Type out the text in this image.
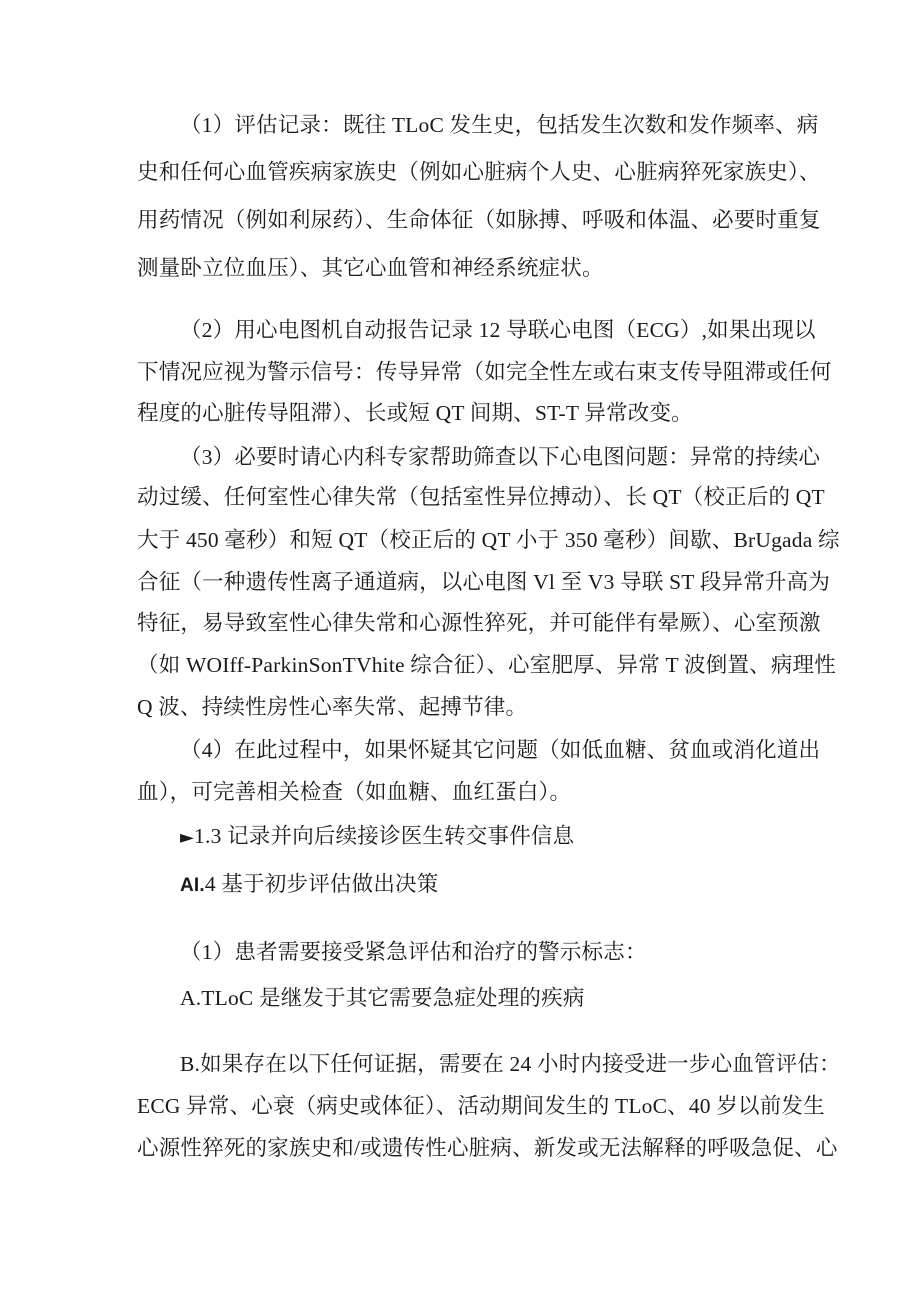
（1）评估记录：既往 TLoC 发生史，包括发生次数和发作频率、病
史和任何心血管疾病家族史（例如心脏病个人史、心脏病猝死家族史）、
用药情况（例如利尿药）、生命体征（如脉搏、呼吸和体温、必要时重复
测量卧立位血压）、其它心血管和神经系统症状。
（2）用心电图机自动报告记录 12 导联心电图（ECG）,如果出现以
下情况应视为警示信号：传导异常（如完全性左或右束支传导阻滞或任何
程度的心脏传导阻滞）、长或短 QT 间期、ST-T 异常改变。
（3）必要时请心内科专家帮助筛查以下心电图问题：异常的持续心
动过缓、任何室性心律失常（包括室性异位搏动）、长 QT（校正后的 QT
大于 450 毫秒）和短 QT（校正后的 QT 小于 350 毫秒）间歇、BrUgada 综
合征（一种遗传性离子通道病，以心电图 Vl 至 V3 导联 ST 段异常升高为
特征，易导致室性心律失常和心源性猝死，并可能伴有晕厥）、心室预激
（如 WOIff-ParkinSonTVhite 综合征）、心室肥厚、异常 T 波倒置、病理性
Q 波、持续性房性心率失常、起搏节律。
（4）在此过程中，如果怀疑其它问题（如低血糖、贫血或消化道出
血），可完善相关检查（如血糖、血红蛋白）。
►1.3 记录并向后续接诊医生转交事件信息
AI.4 基于初步评估做出决策
（1）患者需要接受紧急评估和治疗的警示标志：
A.TLoC 是继发于其它需要急症处理的疾病
B.如果存在以下任何证据，需要在 24 小时内接受进一步心血管评估：
ECG 异常、心衰（病史或体征）、活动期间发生的 TLoC、40 岁以前发生
心源性猝死的家族史和/或遗传性心脏病、新发或无法解释的呼吸急促、心
